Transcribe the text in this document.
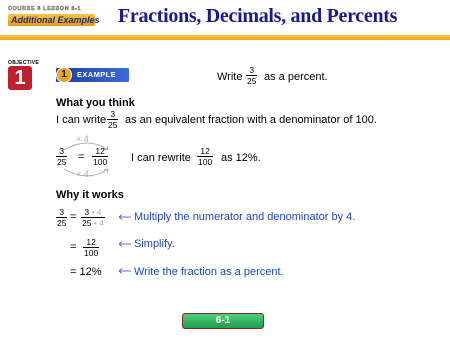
COURSE 3 LESSON 6-1
Additional Examples Fractions, Decimals, and Percents
OBJECTIVE
1	1	EXAMPLE	Write $\frac{3}{25}$ as a percent.
What you think
I can write $\frac{3}{25}$ as an equivalent fraction with a denominator of 100.
× 4
$\frac{3}{25} = \frac{12}{100}$
× 4
I can rewrite $\frac{12}{100}$ as 12%.
Why it works
$\frac{3}{25} = \frac{3 • 4}{25 • 4}$	Multiply the numerator and denominator by 4.
= $\frac{12}{100}$	Simplify.
= 12%	Write the fraction as a percent.
6-1
